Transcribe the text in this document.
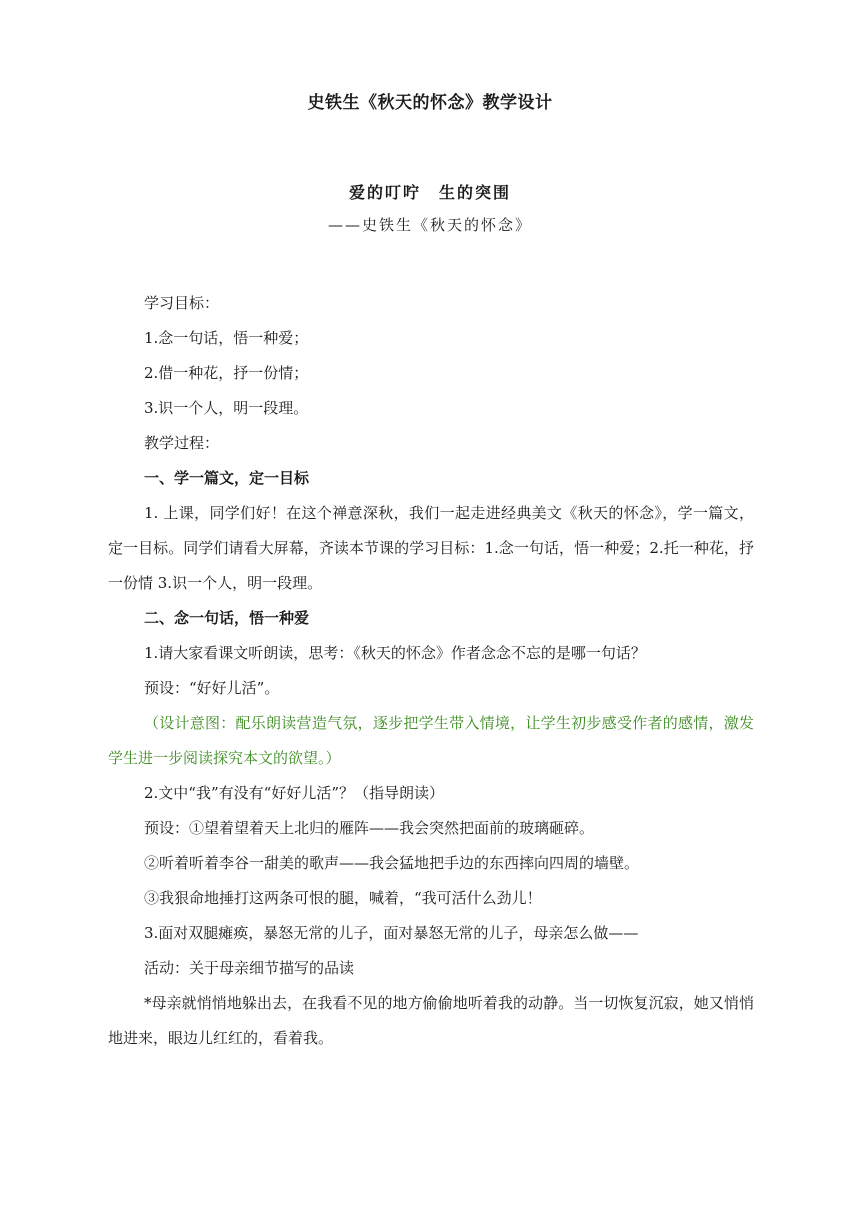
史铁生《秋天的怀念》教学设计
爱的叮咛　生的突围
——史铁生《秋天的怀念》

学习目标：

1.念一句话，悟一种爱；

2.借一种花，抒一份情；

3.识一个人，明一段理。

教学过程：

一、学一篇文，定一目标

1. 上课，同学们好！在这个禅意深秋，我们一起走进经典美文《秋天的怀念》，学一篇文，定一目标。同学们请看大屏幕，齐读本节课的学习目标：1.念一句话，悟一种爱；2.托一种花，抒一份情 3.识一个人，明一段理。

二、念一句话，悟一种爱

1.请大家看课文听朗读，思考：《秋天的怀念》作者念念不忘的是哪一句话？

预设：“好好儿活”。

（设计意图：配乐朗读营造气氛，逐步把学生带入情境，让学生初步感受作者的感情，激发学生进一步阅读探究本文的欲望。）

2.文中“我”有没有“好好儿活”？（指导朗读）

预设：①望着望着天上北归的雁阵——我会突然把面前的玻璃砸碎。

②听着听着李谷一甜美的歌声——我会猛地把手边的东西摔向四周的墙壁。

③我狠命地捶打这两条可恨的腿，喊着，“我可活什么劲儿！

3.面对双腿瘫痪，暴怒无常的儿子，面对暴怒无常的儿子，母亲怎么做——

活动：关于母亲细节描写的品读

*母亲就悄悄地躲出去，在我看不见的地方偷偷地听着我的动静。当一切恢复沉寂，她又悄悄地进来，眼边儿红红的，看着我。
